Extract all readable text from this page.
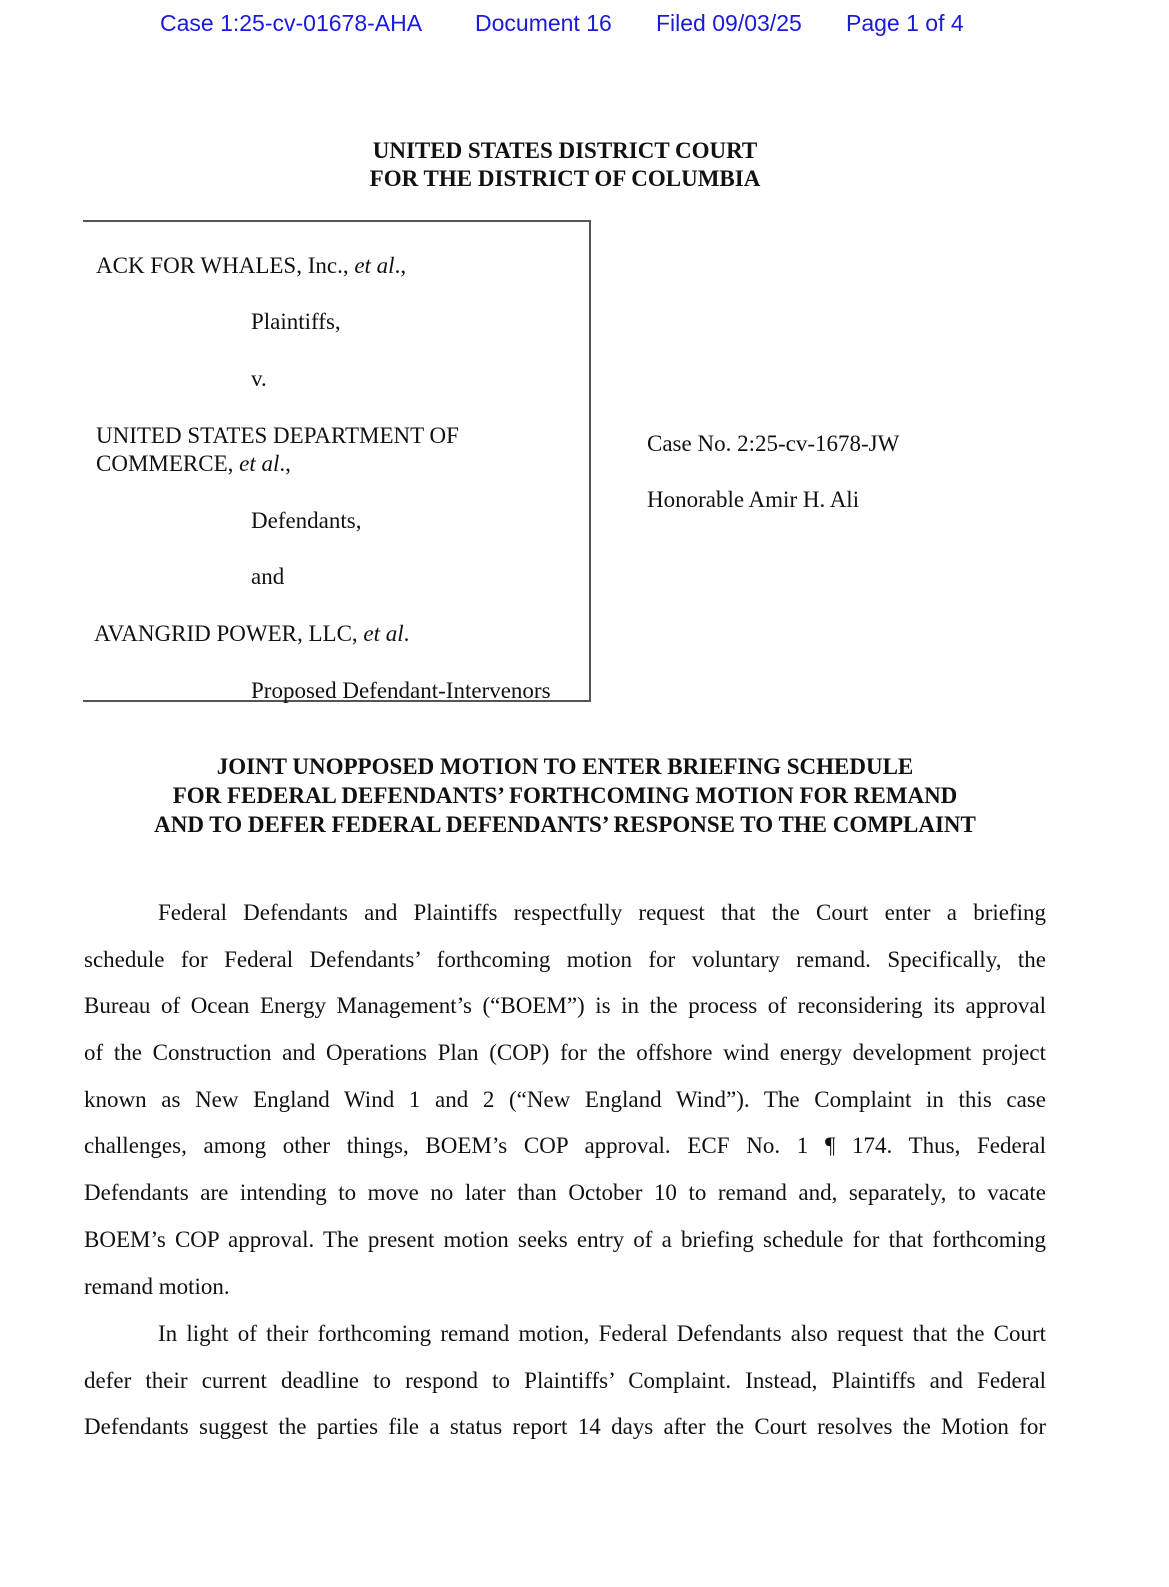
Case 1:25-cv-01678-AHA Document 16 Filed 09/03/25 Page 1 of 4
UNITED STATES DISTRICT COURT
FOR THE DISTRICT OF COLUMBIA
ACK FOR WHALES, Inc., et al.,
Plaintiffs,
v.
UNITED STATES DEPARTMENT OF
COMMERCE, et al.,
Defendants,
and
AVANGRID POWER, LLC, et al.
Proposed Defendant-Intervenors
Case No. 2:25-cv-1678-JW
Honorable Amir H. Ali
JOINT UNOPPOSED MOTION TO ENTER BRIEFING SCHEDULE
FOR FEDERAL DEFENDANTS’ FORTHCOMING MOTION FOR REMAND
AND TO DEFER FEDERAL DEFENDANTS’ RESPONSE TO THE COMPLAINT
Federal Defendants and Plaintiffs respectfully request that the Court enter a briefing
schedule for Federal Defendants’ forthcoming motion for voluntary remand. Specifically, the
Bureau of Ocean Energy Management’s (“BOEM”) is in the process of reconsidering its approval
of the Construction and Operations Plan (COP) for the offshore wind energy development project
known as New England Wind 1 and 2 (“New England Wind”). The Complaint in this case
challenges, among other things, BOEM’s COP approval. ECF No. 1 ¶ 174. Thus, Federal
Defendants are intending to move no later than October 10 to remand and, separately, to vacate
BOEM’s COP approval. The present motion seeks entry of a briefing schedule for that forthcoming
remand motion.
In light of their forthcoming remand motion, Federal Defendants also request that the Court
defer their current deadline to respond to Plaintiffs’ Complaint. Instead, Plaintiffs and Federal
Defendants suggest the parties file a status report 14 days after the Court resolves the Motion for
